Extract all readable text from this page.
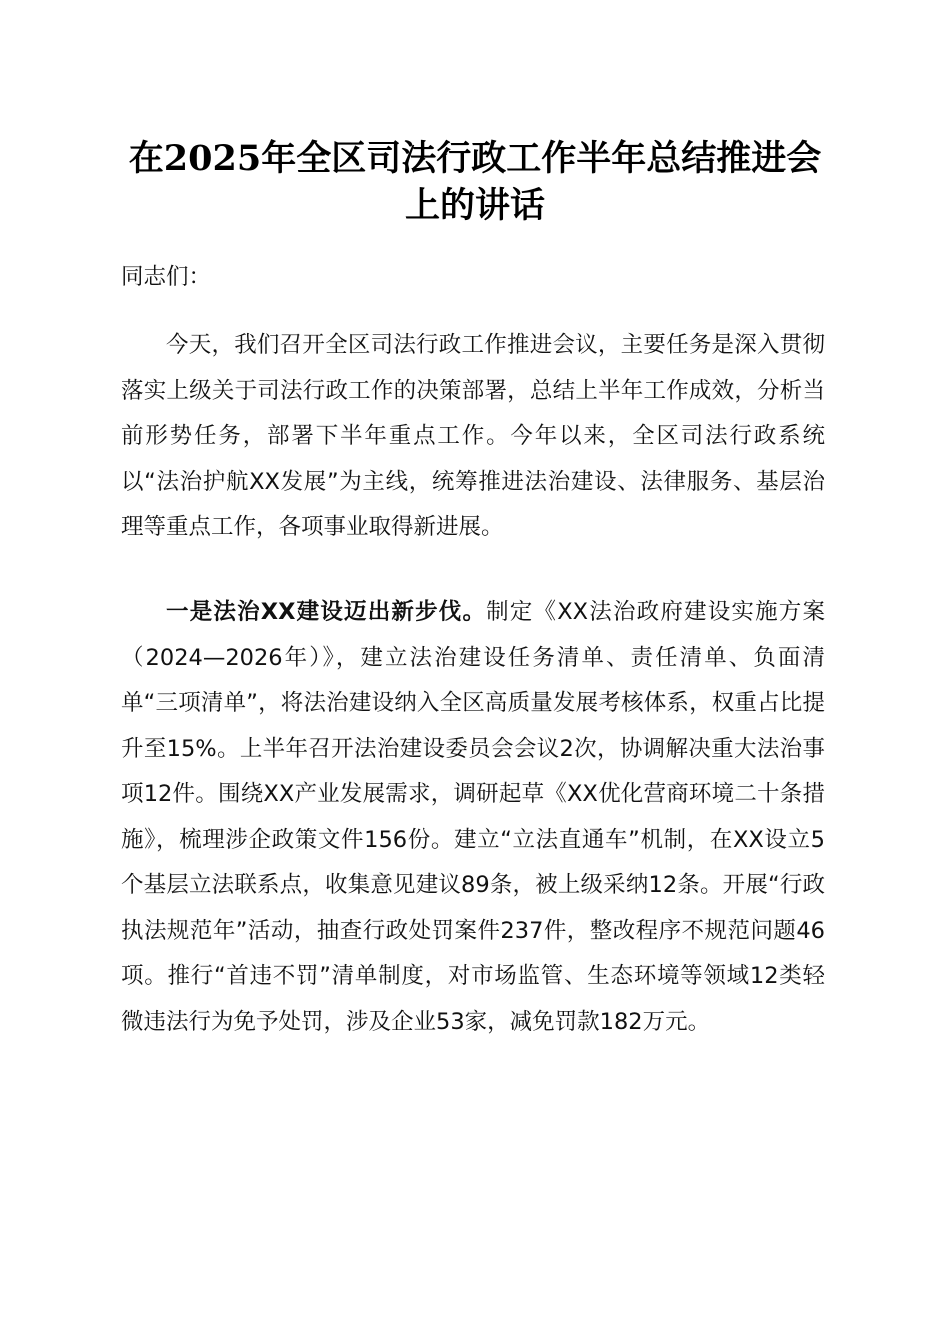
在2025年全区司法行政工作半年总结推进会
上的讲话

同志们：

今天，我们召开全区司法行政工作推进会议，主要任务是深入贯彻落实上级关于司法行政工作的决策部署，总结上半年工作成效，分析当前形势任务，部署下半年重点工作。今年以来，全区司法行政系统以“法治护航XX发展”为主线，统筹推进法治建设、法律服务、基层治理等重点工作，各项事业取得新进展。

一是法治XX建设迈出新步伐。制定《XX法治政府建设实施方案（2024—2026年）》，建立法治建设任务清单、责任清单、负面清单“三项清单”，将法治建设纳入全区高质量发展考核体系，权重占比提升至15%。上半年召开法治建设委员会会议2次，协调解决重大法治事项12件。围绕XX产业发展需求，调研起草《XX优化营商环境二十条措施》，梳理涉企政策文件156份。建立“立法直通车”机制，在XX设立5个基层立法联系点，收集意见建议89条，被上级采纳12条。开展“行政执法规范年”活动，抽查行政处罚案件237件，整改程序不规范问题46项。推行“首违不罚”清单制度，对市场监管、生态环境等领域12类轻微违法行为免予处罚，涉及企业53家，减免罚款182万元。
